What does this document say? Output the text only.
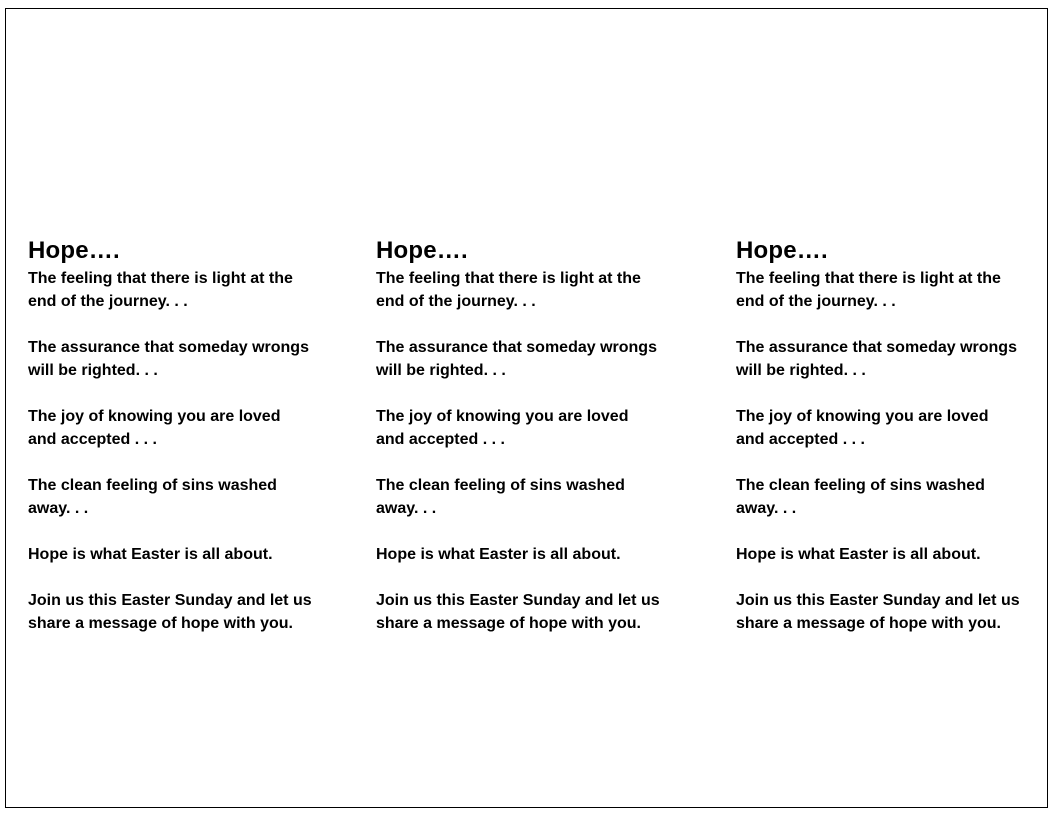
Hope….
The feeling that there is light at the
end of the journey. . .
The assurance that someday wrongs
will be righted. . .
The joy of knowing you are loved
and accepted . . .
The clean feeling of sins washed
away. . .
Hope is what Easter is all about.
Join us this Easter Sunday and let us
share a message of hope with you.
Hope….
The feeling that there is light at the
end of the journey. . .
The assurance that someday wrongs
will be righted. . .
The joy of knowing you are loved
and accepted . . .
The clean feeling of sins washed
away. . .
Hope is what Easter is all about.
Join us this Easter Sunday and let us
share a message of hope with you.
Hope….
The feeling that there is light at the
end of the journey. . .
The assurance that someday wrongs
will be righted. . .
The joy of knowing you are loved
and accepted . . .
The clean feeling of sins washed
away. . .
Hope is what Easter is all about.
Join us this Easter Sunday and let us
share a message of hope with you.
